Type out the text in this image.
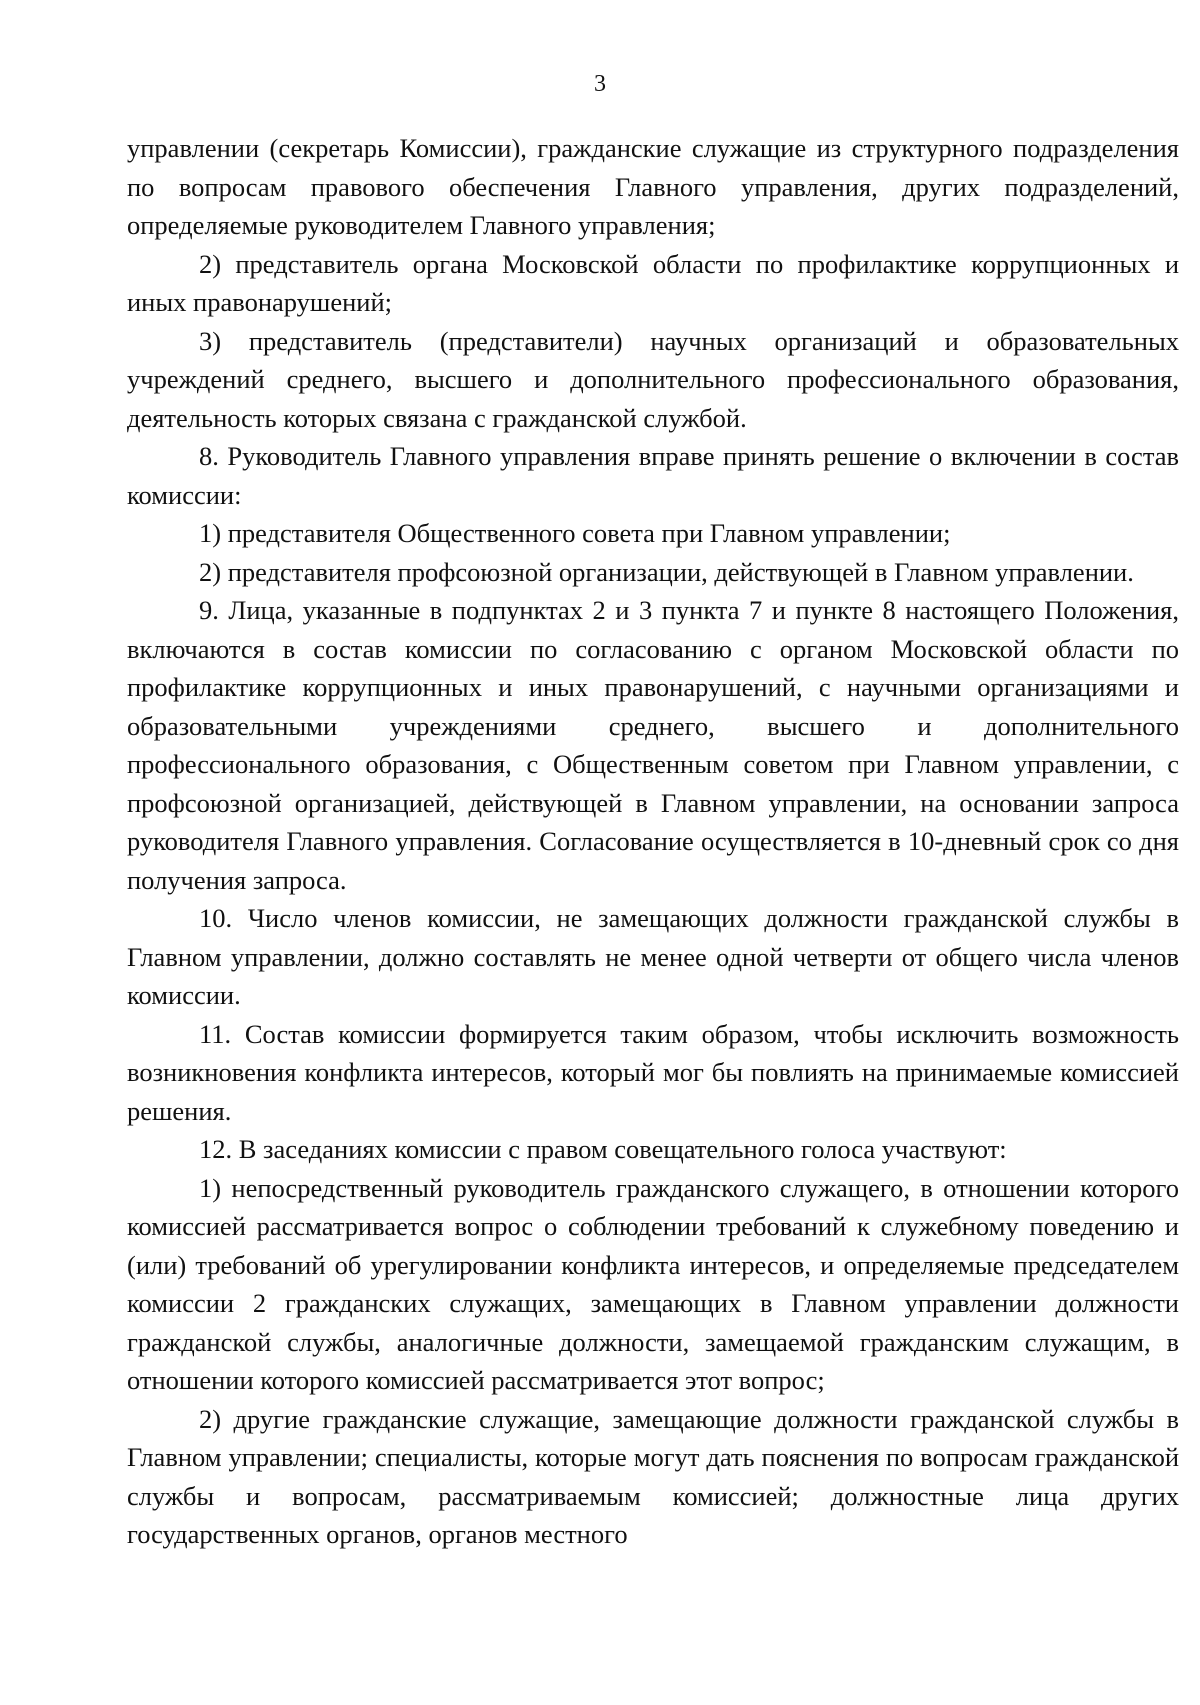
3

управлении (секретарь Комиссии), гражданские служащие из структурного подразделения по вопросам правового обеспечения Главного управления, других подразделений, определяемые руководителем Главного управления;

2) представитель органа Московской области по профилактике коррупционных и иных правонарушений;

3) представитель (представители) научных организаций и образовательных учреждений среднего, высшего и дополнительного профессионального образования, деятельность которых связана с гражданской службой.

8. Руководитель Главного управления вправе принять решение о включении в состав комиссии:

1) представителя Общественного совета при Главном управлении;

2) представителя профсоюзной организации, действующей в Главном управлении.

9. Лица, указанные в подпунктах 2 и 3 пункта 7 и пункте 8 настоящего Положения, включаются в состав комиссии по согласованию с органом Московской области по профилактике коррупционных и иных правонарушений, с научными организациями и образовательными учреждениями среднего, высшего и дополнительного профессионального образования, с Общественным советом при Главном управлении, с профсоюзной организацией, действующей в Главном управлении, на основании запроса руководителя Главного управления. Согласование осуществляется в 10-дневный срок со дня получения запроса.

10. Число членов комиссии, не замещающих должности гражданской службы в Главном управлении, должно составлять не менее одной четверти от общего числа членов комиссии.

11. Состав комиссии формируется таким образом, чтобы исключить возможность возникновения конфликта интересов, который мог бы повлиять на принимаемые комиссией решения.

12. В заседаниях комиссии с правом совещательного голоса участвуют:

1) непосредственный руководитель гражданского служащего, в отношении которого комиссией рассматривается вопрос о соблюдении требований к служебному поведению и (или) требований об урегулировании конфликта интересов, и определяемые председателем комиссии 2 гражданских служащих, замещающих в Главном управлении должности гражданской службы, аналогичные должности, замещаемой гражданским служащим, в отношении которого комиссией рассматривается этот вопрос;

2) другие гражданские служащие, замещающие должности гражданской службы в Главном управлении; специалисты, которые могут дать пояснения по вопросам гражданской службы и вопросам, рассматриваемым комиссией; должностные лица других государственных органов, органов местного
